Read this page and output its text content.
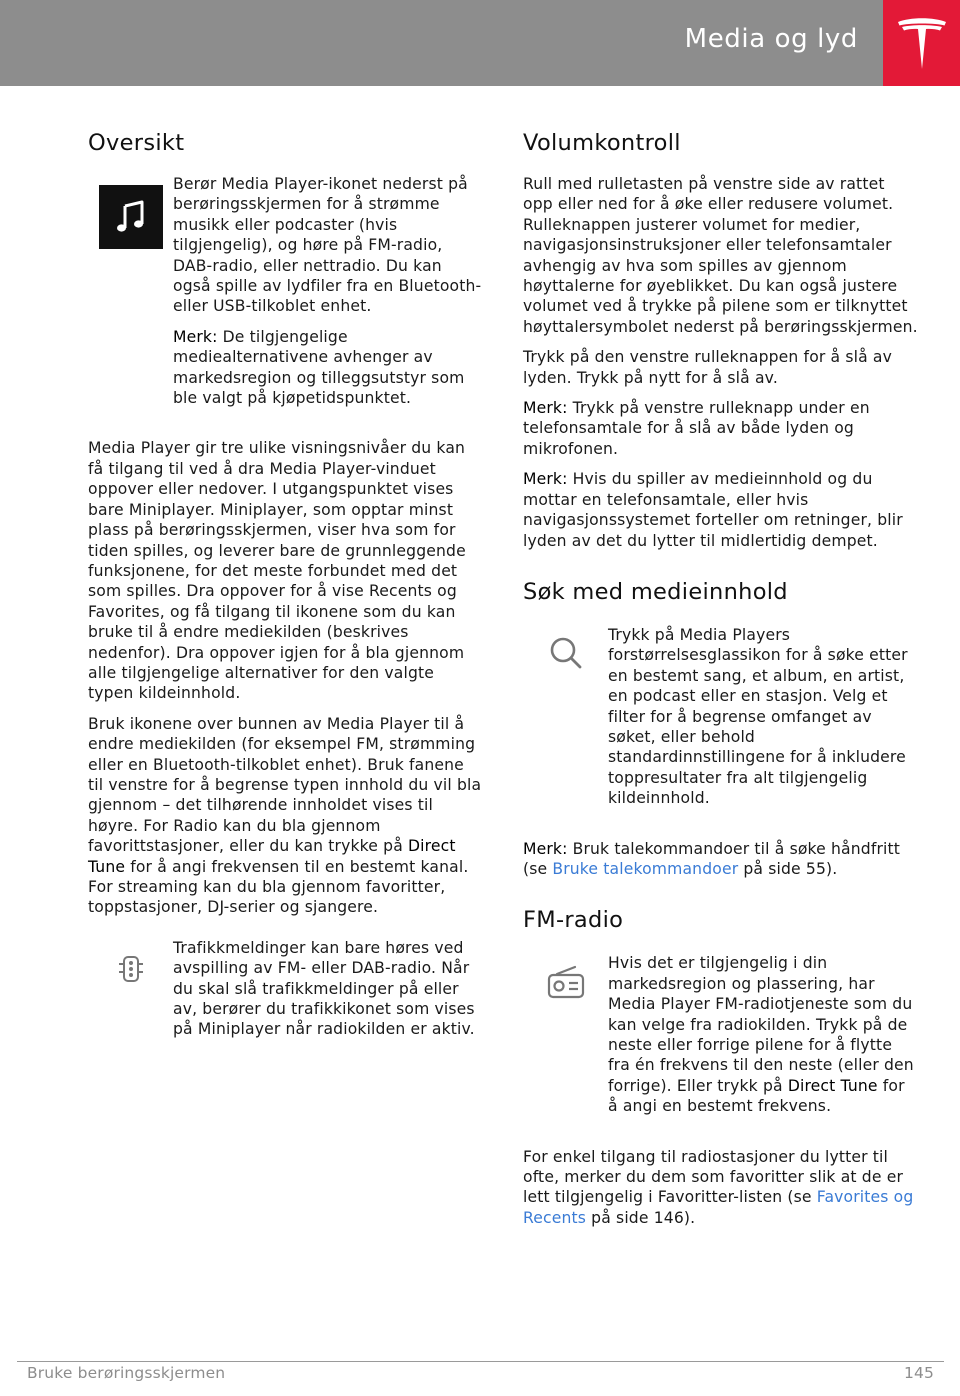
Media og lyd
Oversikt

Berør Media Player-ikonet nederst på berøringsskjermen for å strømme musikk eller podcaster (hvis tilgjengelig), og høre på FM-radio, DAB-radio, eller nettradio. Du kan også spille av lydfiler fra en Bluetooth- eller USB-tilkoblet enhet.

Merk: De tilgjengelige mediealternativene avhenger av markedsregion og tilleggsutstyr som ble valgt på kjøpetidspunktet.

Media Player gir tre ulike visningsnivåer du kan få tilgang til ved å dra Media Player-vinduet oppover eller nedover. I utgangspunktet vises bare Miniplayer. Miniplayer, som opptar minst plass på berøringsskjermen, viser hva som for tiden spilles, og leverer bare de grunnleggende funksjonene, for det meste forbundet med det som spilles. Dra oppover for å vise Recents og Favorites, og få tilgang til ikonene som du kan bruke til å endre mediekilden (beskrives nedenfor). Dra oppover igjen for å bla gjennom alle tilgjengelige alternativer for den valgte typen kildeinnhold.

Bruk ikonene over bunnen av Media Player til å endre mediekilden (for eksempel FM, strømming eller en Bluetooth-tilkoblet enhet). Bruk fanene til venstre for å begrense typen innhold du vil bla gjennom – det tilhørende innholdet vises til høyre. For Radio kan du bla gjennom favorittstasjoner, eller du kan trykke på Direct Tune for å angi frekvensen til en bestemt kanal. For streaming kan du bla gjennom favoritter, toppstasjoner, DJ-serier og sjangere.

Trafikkmeldinger kan bare høres ved avspilling av FM- eller DAB-radio. Når du skal slå trafikkmeldinger på eller av, berører du trafikkikonet som vises på Miniplayer når radiokilden er aktiv.

Volumkontroll

Rull med rulletasten på venstre side av rattet opp eller ned for å øke eller redusere volumet. Rulleknappen justerer volumet for medier, navigasjonsinstruksjoner eller telefonsamtaler avhengig av hva som spilles av gjennom høyttalerne for øyeblikket. Du kan også justere volumet ved å trykke på pilene som er tilknyttet høyttalersymbolet nederst på berøringsskjermen.

Trykk på den venstre rulleknappen for å slå av lyden. Trykk på nytt for å slå av.

Merk: Trykk på venstre rulleknapp under en telefonsamtale for å slå av både lyden og mikrofonen.

Merk: Hvis du spiller av medieinnhold og du mottar en telefonsamtale, eller hvis navigasjonssystemet forteller om retninger, blir lyden av det du lytter til midlertidig dempet.

Søk med medieinnhold

Trykk på Media Players forstørrelsesglassikon for å søke etter en bestemt sang, et album, en artist, en podcast eller en stasjon. Velg et filter for å begrense omfanget av søket, eller behold standardinnstillingene for å inkludere toppresultater fra alt tilgjengelig kildeinnhold.

Merk: Bruk talekommandoer til å søke håndfritt (se Bruke talekommandoer på side 55).

FM-radio

Hvis det er tilgjengelig i din markedsregion og plassering, har Media Player FM-radiotjeneste som du kan velge fra radiokilden. Trykk på de neste eller forrige pilene for å flytte fra én frekvens til den neste (eller den forrige). Eller trykk på Direct Tune for å angi en bestemt frekvens.

For enkel tilgang til radiostasjoner du lytter til ofte, merker du dem som favoritter slik at de er lett tilgjengelig i Favoritter-listen (se Favorites og Recents på side 146).

Bruke berøringsskjermen	145
